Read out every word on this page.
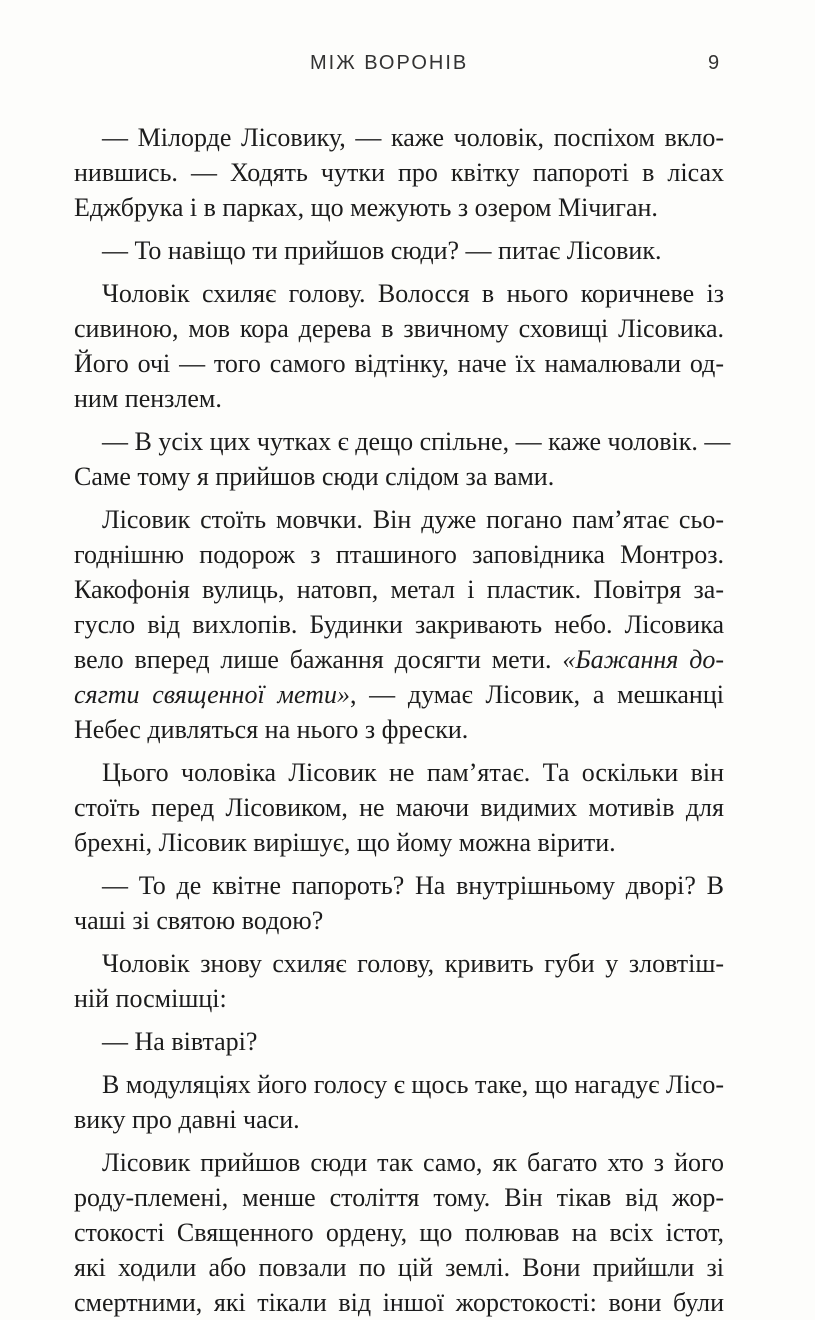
МІЖ ВОРОНІВ	9
— Мілорде Лісовику, — каже чоловік, поспіхом вкло-
нившись. — Ходять чутки про квітку папороті в лісах
Еджбрука і в парках, що межують з озером Мічиган.
— То навіщо ти прийшов сюди? — питає Лісовик.
Чоловік схиляє голову. Волосся в нього коричневе із
сивиною, мов кора дерева в звичному сховищі Лісовика.
Його очі — того самого відтінку, наче їх намалювали од-
ним пензлем.
— В усіх цих чутках є дещо спільне, — каже чоловік. —
Саме тому я прийшов сюди слідом за вами.
Лісовик стоїть мовчки. Він дуже погано пам’ятає сьо-
годнішню подорож з пташиного заповідника Монтроз.
Какофонія вулиць, натовп, метал і пластик. Повітря за-
гусло від вихлопів. Будинки закривають небо. Лісовика
вело вперед лише бажання досягти мети. «Бажання до-
сягти священної мети», — думає Лісовик, а мешканці
Небес дивляться на нього з фрески.
Цього чоловіка Лісовик не пам’ятає. Та оскільки він
стоїть перед Лісовиком, не маючи видимих мотивів для
брехні, Лісовик вирішує, що йому можна вірити.
— То де квітне папороть? На внутрішньому дворі? В
чаші зі святою водою?
Чоловік знову схиляє голову, кривить губи у зловтіш-
ній посмішці:
— На вівтарі?
В модуляціях його голосу є щось таке, що нагадує Лісо-
вику про давні часи.
Лісовик прийшов сюди так само, як багато хто з його
роду-племені, менше століття тому. Він тікав від жор-
стокості Священного ордену, що полював на всіх істот,
які ходили або повзали по цій землі. Вони прийшли зі
смертними, які тікали від іншої жорстокості: вони були
